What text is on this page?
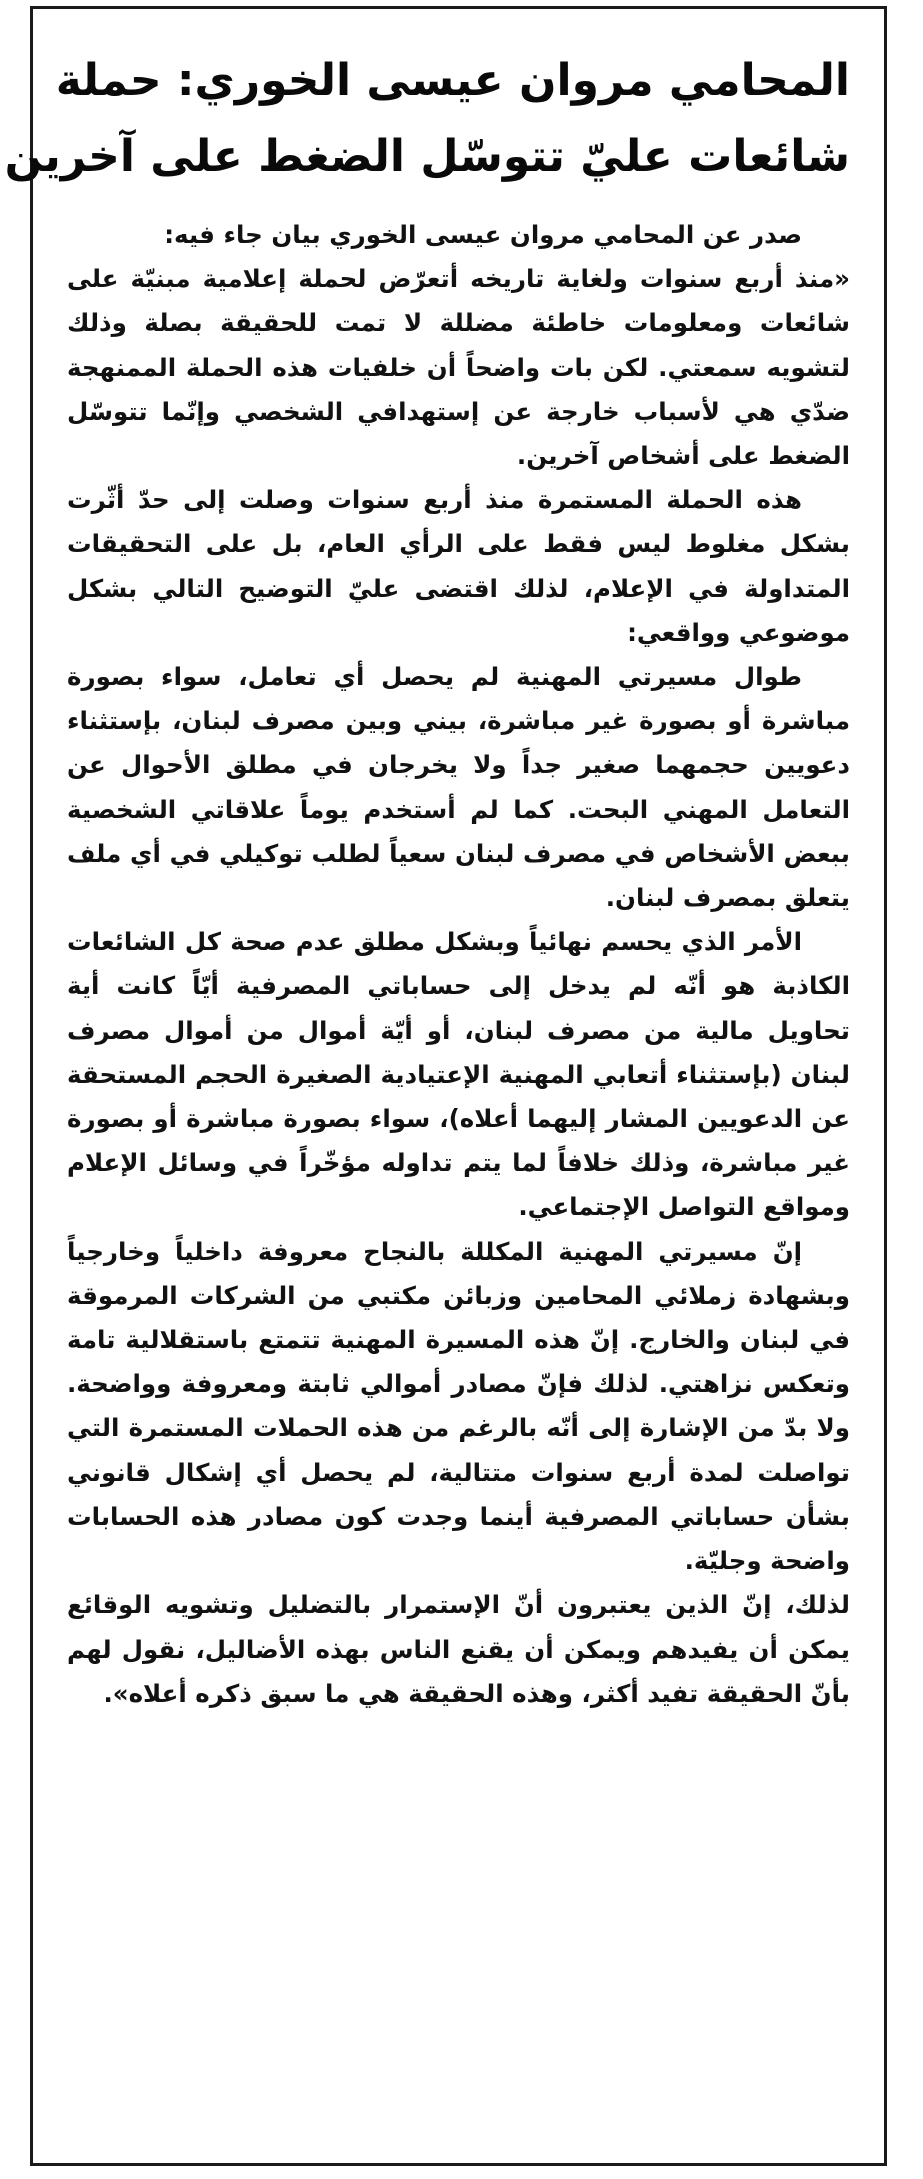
المحامي مروان عيسى الخوري: حملة
شائعات عليّ تتوسّل الضغط على آخرين

صدر عن المحامي مروان عيسى الخوري بيان جاء فيه:

«منذ أربع سنوات ولغاية تاريخه أتعرّض لحملة إعلامية مبنيّة على شائعات ومعلومات خاطئة مضللة لا تمت للحقيقة بصلة وذلك لتشويه سمعتي. لكن بات واضحاً أن خلفيات هذه الحملة الممنهجة ضدّي هي لأسباب خارجة عن إستهدافي الشخصي وإنّما تتوسّل الضغط على أشخاص آخرين.

هذه الحملة المستمرة منذ أربع سنوات وصلت إلى حدّ أثّرت بشكل مغلوط ليس فقط على الرأي العام، بل على التحقيقات المتداولة في الإعلام، لذلك اقتضى عليّ التوضيح التالي بشكل موضوعي وواقعي:

طوال مسيرتي المهنية لم يحصل أي تعامل، سواء بصورة مباشرة أو بصورة غير مباشرة، بيني وبين مصرف لبنان، بإستثناء دعويين حجمهما صغير جداً ولا يخرجان في مطلق الأحوال عن التعامل المهني البحت. كما لم أستخدم يوماً علاقاتي الشخصية ببعض الأشخاص في مصرف لبنان سعياً لطلب توكيلي في أي ملف يتعلق بمصرف لبنان.

الأمر الذي يحسم نهائياً وبشكل مطلق عدم صحة كل الشائعات الكاذبة هو أنّه لم يدخل إلى حساباتي المصرفية أيّاً كانت أية تحاويل مالية من مصرف لبنان، أو أيّة أموال من أموال مصرف لبنان (بإستثناء أتعابي المهنية الإعتيادية الصغيرة الحجم المستحقة عن الدعويين المشار إليهما أعلاه)، سواء بصورة مباشرة أو بصورة غير مباشرة، وذلك خلافاً لما يتم تداوله مؤخّراً في وسائل الإعلام ومواقع التواصل الإجتماعي.

إنّ مسيرتي المهنية المكللة بالنجاح معروفة داخلياً وخارجياً وبشهادة زملائي المحامين وزبائن مكتبي من الشركات المرموقة في لبنان والخارج. إنّ هذه المسيرة المهنية تتمتع باستقلالية تامة وتعكس نزاهتي. لذلك فإنّ مصادر أموالي ثابتة ومعروفة وواضحة. ولا بدّ من الإشارة إلى أنّه بالرغم من هذه الحملات المستمرة التي تواصلت لمدة أربع سنوات متتالية، لم يحصل أي إشكال قانوني بشأن حساباتي المصرفية أينما وجدت كون مصادر هذه الحسابات واضحة وجليّة.

لذلك، إنّ الذين يعتبرون أنّ الإستمرار بالتضليل وتشويه الوقائع يمكن أن يفيدهم ويمكن أن يقنع الناس بهذه الأضاليل، نقول لهم بأنّ الحقيقة تفيد أكثر، وهذه الحقيقة هي ما سبق ذكره أعلاه».
